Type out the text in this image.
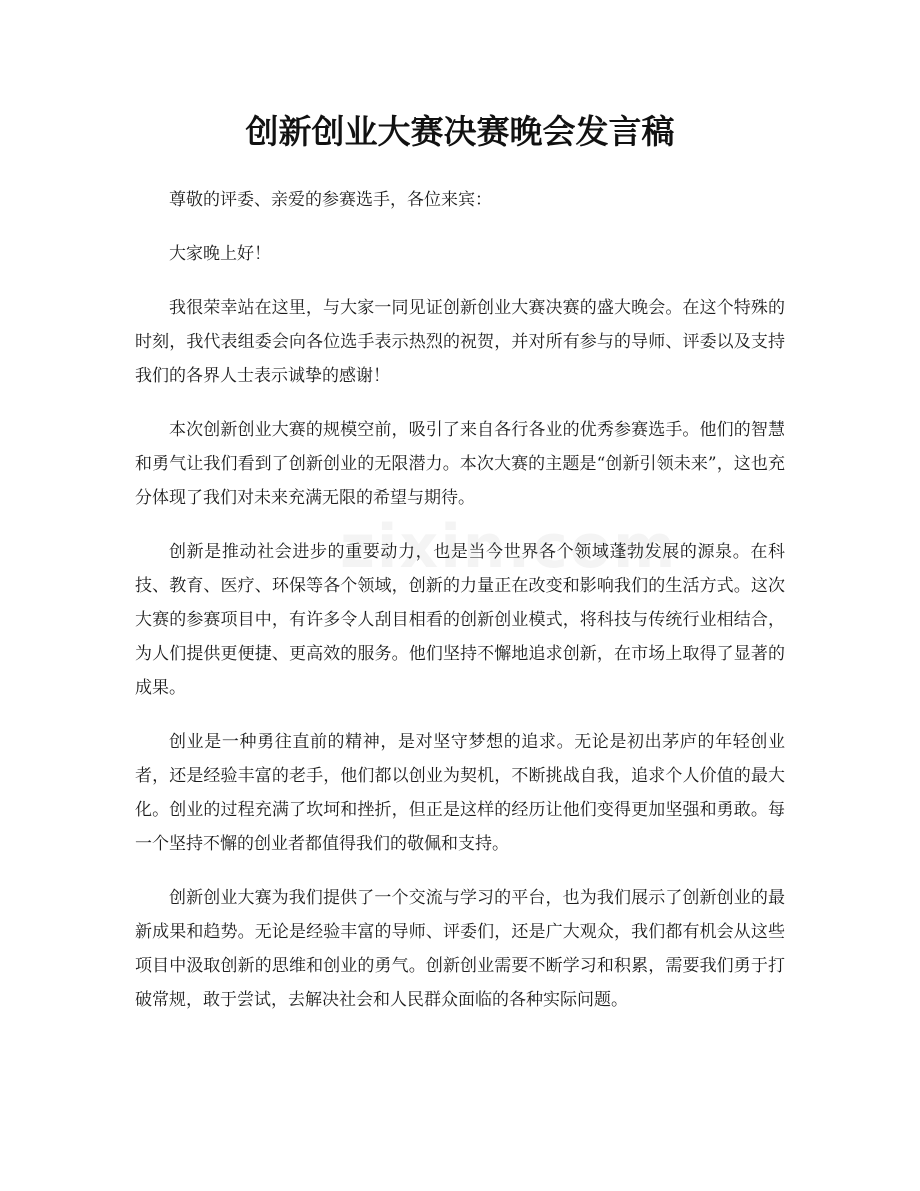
创新创业大赛决赛晚会发言稿

尊敬的评委、亲爱的参赛选手，各位来宾：

大家晚上好！

我很荣幸站在这里，与大家一同见证创新创业大赛决赛的盛大晚会。在这个特殊的时刻，我代表组委会向各位选手表示热烈的祝贺，并对所有参与的导师、评委以及支持我们的各界人士表示诚挚的感谢！

本次创新创业大赛的规模空前，吸引了来自各行各业的优秀参赛选手。他们的智慧和勇气让我们看到了创新创业的无限潜力。本次大赛的主题是“创新引领未来”，这也充分体现了我们对未来充满无限的希望与期待。

创新是推动社会进步的重要动力，也是当今世界各个领域蓬勃发展的源泉。在科技、教育、医疗、环保等各个领域，创新的力量正在改变和影响我们的生活方式。这次大赛的参赛项目中，有许多令人刮目相看的创新创业模式，将科技与传统行业相结合，为人们提供更便捷、更高效的服务。他们坚持不懈地追求创新，在市场上取得了显著的成果。

创业是一种勇往直前的精神，是对坚守梦想的追求。无论是初出茅庐的年轻创业者，还是经验丰富的老手，他们都以创业为契机，不断挑战自我，追求个人价值的最大化。创业的过程充满了坎坷和挫折，但正是这样的经历让他们变得更加坚强和勇敢。每一个坚持不懈的创业者都值得我们的敬佩和支持。

创新创业大赛为我们提供了一个交流与学习的平台，也为我们展示了创新创业的最新成果和趋势。无论是经验丰富的导师、评委们，还是广大观众，我们都有机会从这些项目中汲取创新的思维和创业的勇气。创新创业需要不断学习和积累，需要我们勇于打破常规，敢于尝试，去解决社会和人民群众面临的各种实际问题。
